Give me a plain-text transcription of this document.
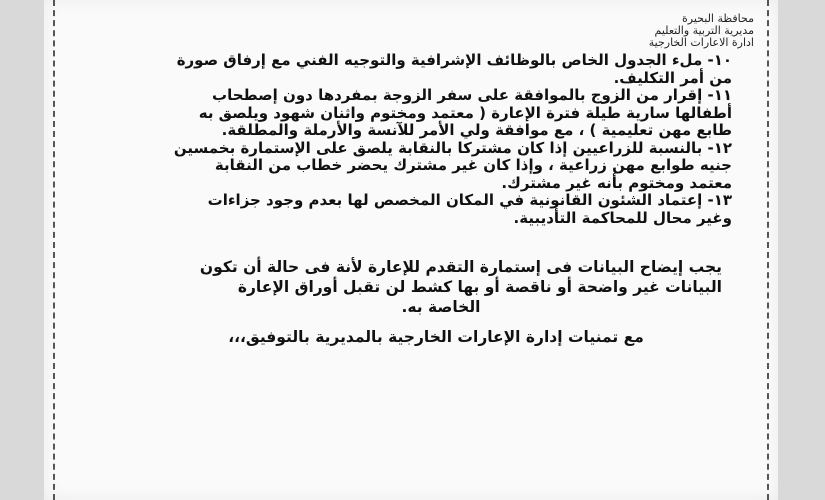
محافظة البحيرة
مديرية التربية والتعليم
ادارة الاعارات الخارجية

١٠- ملء الجدول الخاص بالوظائف الإشرافية والتوجيه الفني مع إرفاق صورة

من أمر التكليف.

١١- إقرار من الزوج بالموافقة على سفر الزوجة بمفردها دون إصطحاب

أطفالها سارية طيلة فترة الإعارة ( معتمد ومختوم واثنان شهود ويلصق به

طابع مهن تعليمية ) ، مع موافقة ولي الأمر للآنسة والأرملة والمطلقة.

١٢- بالنسبة للزراعيين إذا كان مشتركا بالنقابة يلصق على الإستمارة بخمسين

جنيه طوابع مهن زراعية ، وإذا كان غير مشترك يحضر خطاب من النقابة

معتمد ومختوم بأنه غير مشترك.

١٣- إعتماد الشئون القانونية في المكان المخصص لها بعدم وجود جزاءات

وغير محال للمحاكمة التأديبية.

يجب إيضاح البيانات فى إستمارة التقدم للإعارة لأنة فى حالة أن تكون

البيانات غير واضحة أو ناقصة أو بها كشط لن تقبل أوراق الإعارة

الخاصة به.

مع تمنيات إدارة الإعارات الخارجية بالمديرية بالتوفيق،،،
